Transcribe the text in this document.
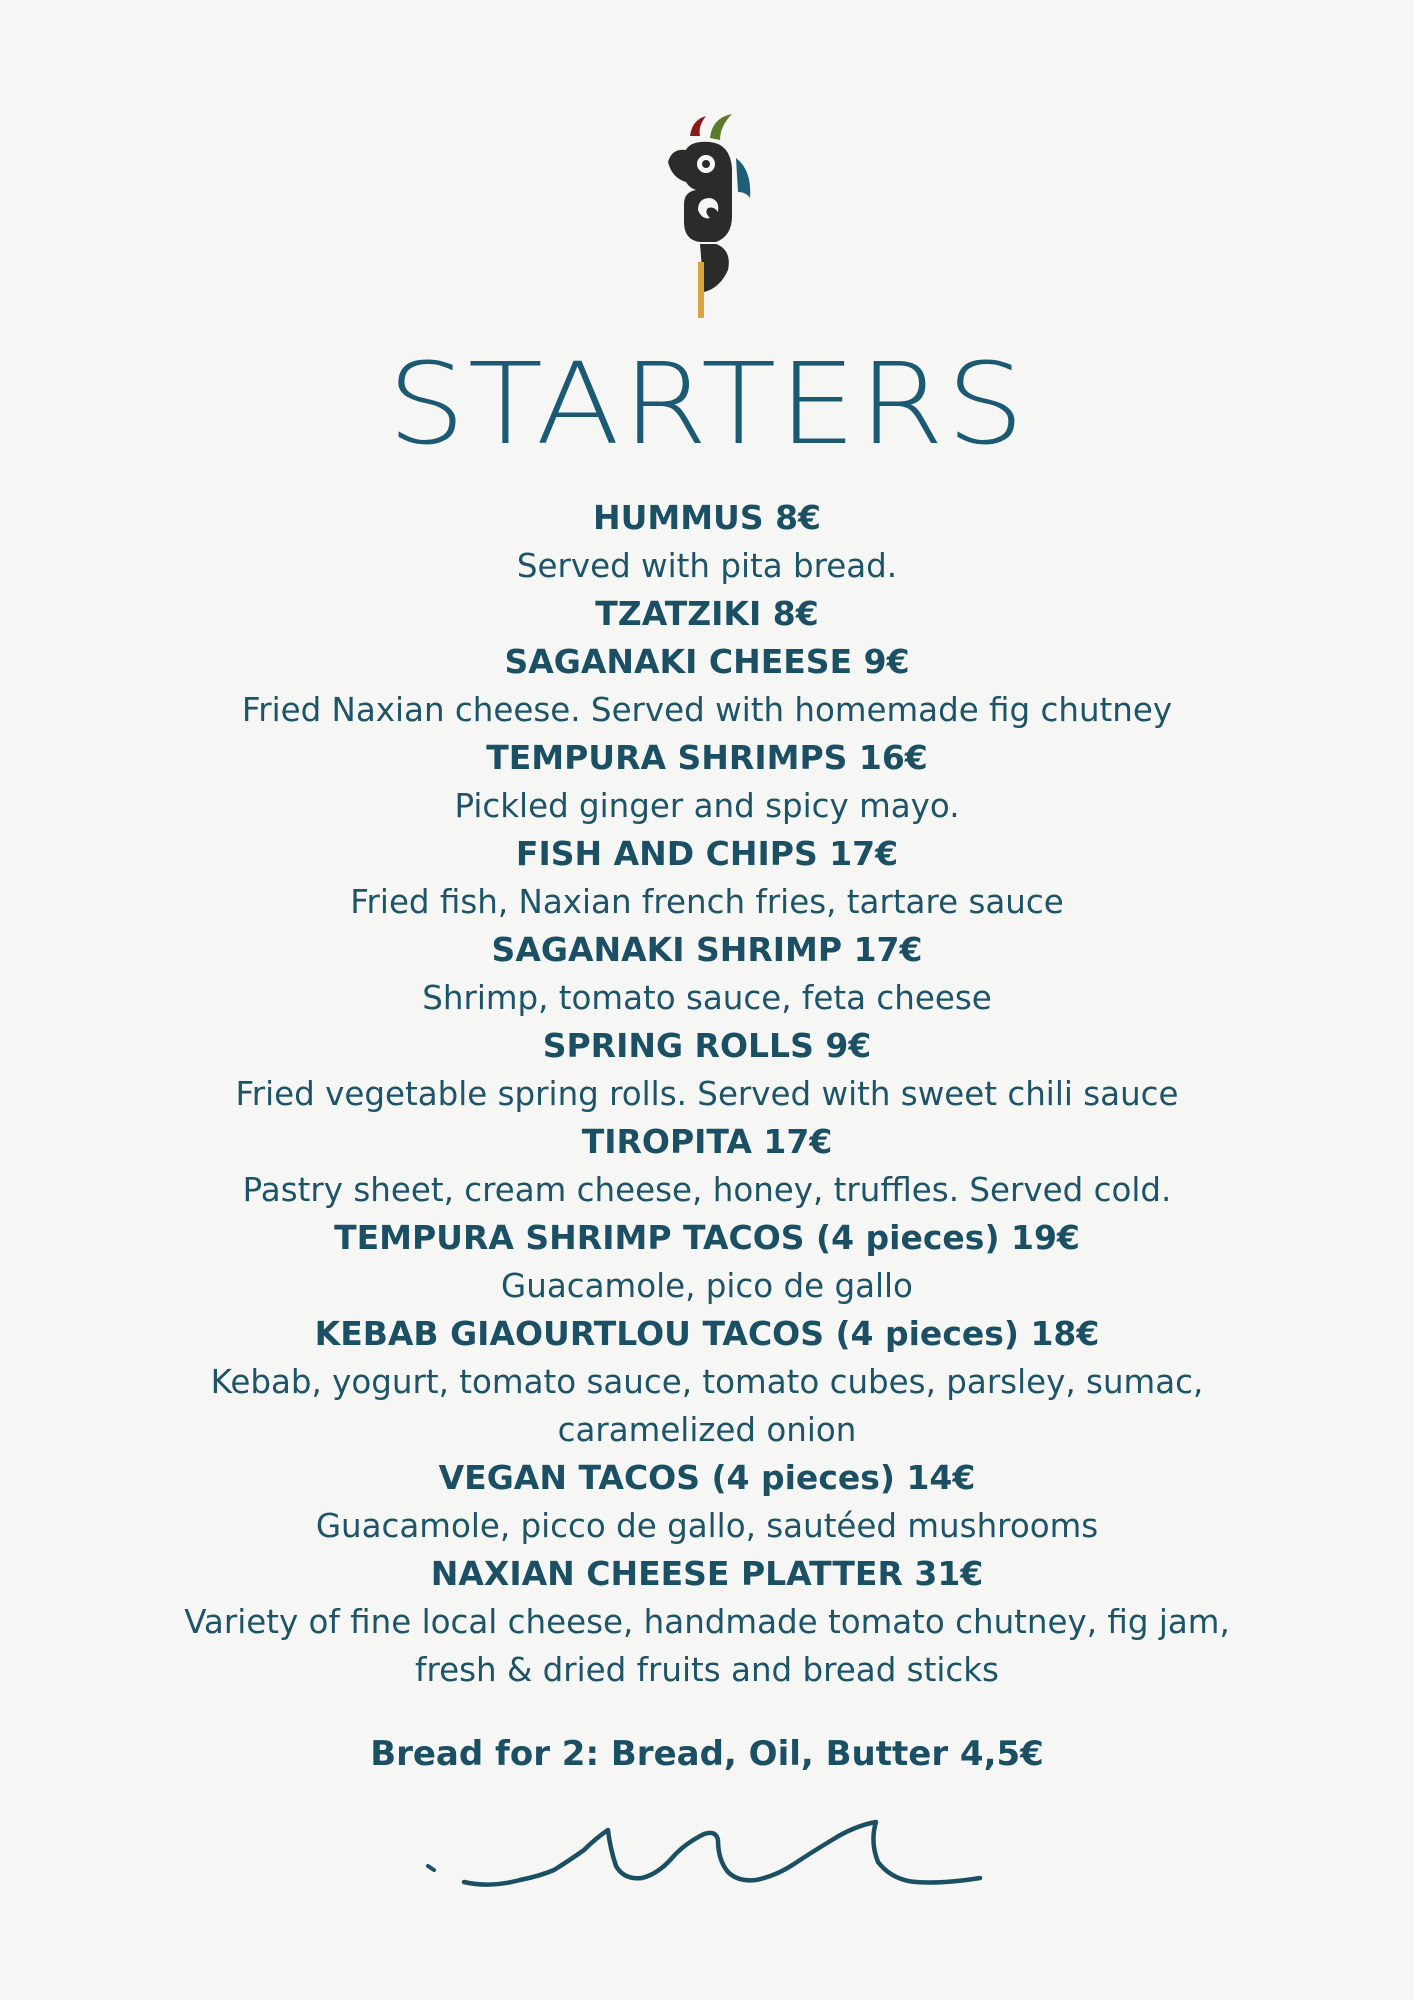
STARTERS
HUMMUS 8€
Served with pita bread.
TZATZIKI 8€
SAGANAKI CHEESE 9€
Fried Naxian cheese. Served with homemade fig chutney
TEMPURA SHRIMPS 16€
Pickled ginger and spicy mayo.
FISH AND CHIPS 17€
Fried fish, Naxian french fries, tartare sauce
SAGANAKI SHRIMP 17€
Shrimp, tomato sauce, feta cheese
SPRING ROLLS 9€
Fried vegetable spring rolls. Served with sweet chili sauce
TIROPITA 17€
Pastry sheet, cream cheese, honey, truffles. Served cold.
TEMPURA SHRIMP TACOS (4 pieces) 19€
Guacamole, pico de gallo
KEBAB GIAOURTLOU TACOS (4 pieces) 18€
Kebab, yogurt, tomato sauce, tomato cubes, parsley, sumac,
caramelized onion
VEGAN TACOS (4 pieces) 14€
Guacamole, picco de gallo, sautéed mushrooms
NAXIAN CHEESE PLATTER 31€
Variety of fine local cheese, handmade tomato chutney, fig jam,
fresh & dried fruits and bread sticks
Bread for 2: Bread, Oil, Butter 4,5€
